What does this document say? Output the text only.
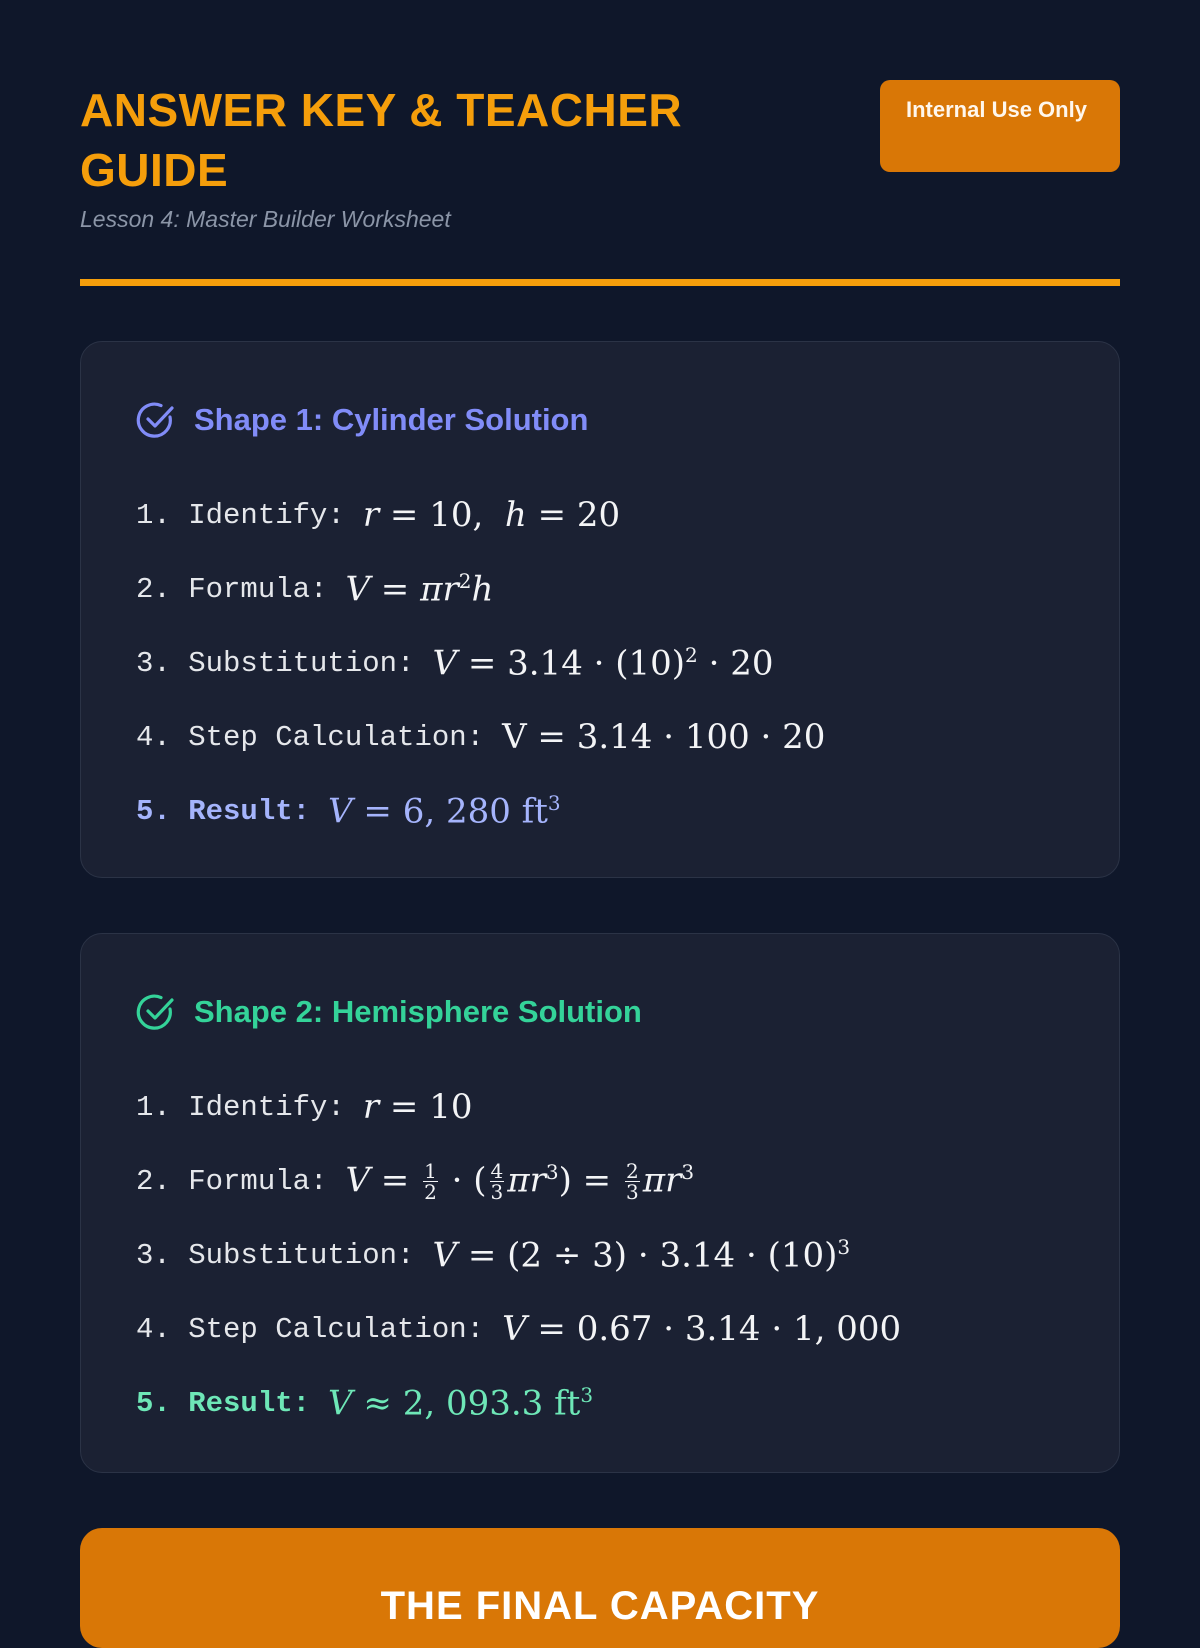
ANSWER KEY & TEACHER GUIDE
Lesson 4: Master Builder Worksheet
Internal Use Only
Shape 1: Cylinder Solution
1. Identify: r = 10,  h = 20
2. Formula: $V = \pi r^2h$
3. Substitution: $V = 3.14 \cdot (10)^2 \cdot 20$
4. Step Calculation: V = 3.14 · 100 · 20
5. Result: V = 6, 280 $ft^3$
Shape 2: Hemisphere Solution
1. Identify: r = 10
2. Formula: $V = \frac{1}{2}$ · ( $\frac{4}{3} \pi r^3) = \frac{2}{3} \pi r^3$
3. Substitution: $V = (2 \div 3) \cdot 3.14 \cdot (10)^3$
4. Step Calculation: V = 0.67 · 3.14 · 1, 000
5. Result: V ≈ 2, 093.3 $ft^3$
THE FINAL CAPACITY
